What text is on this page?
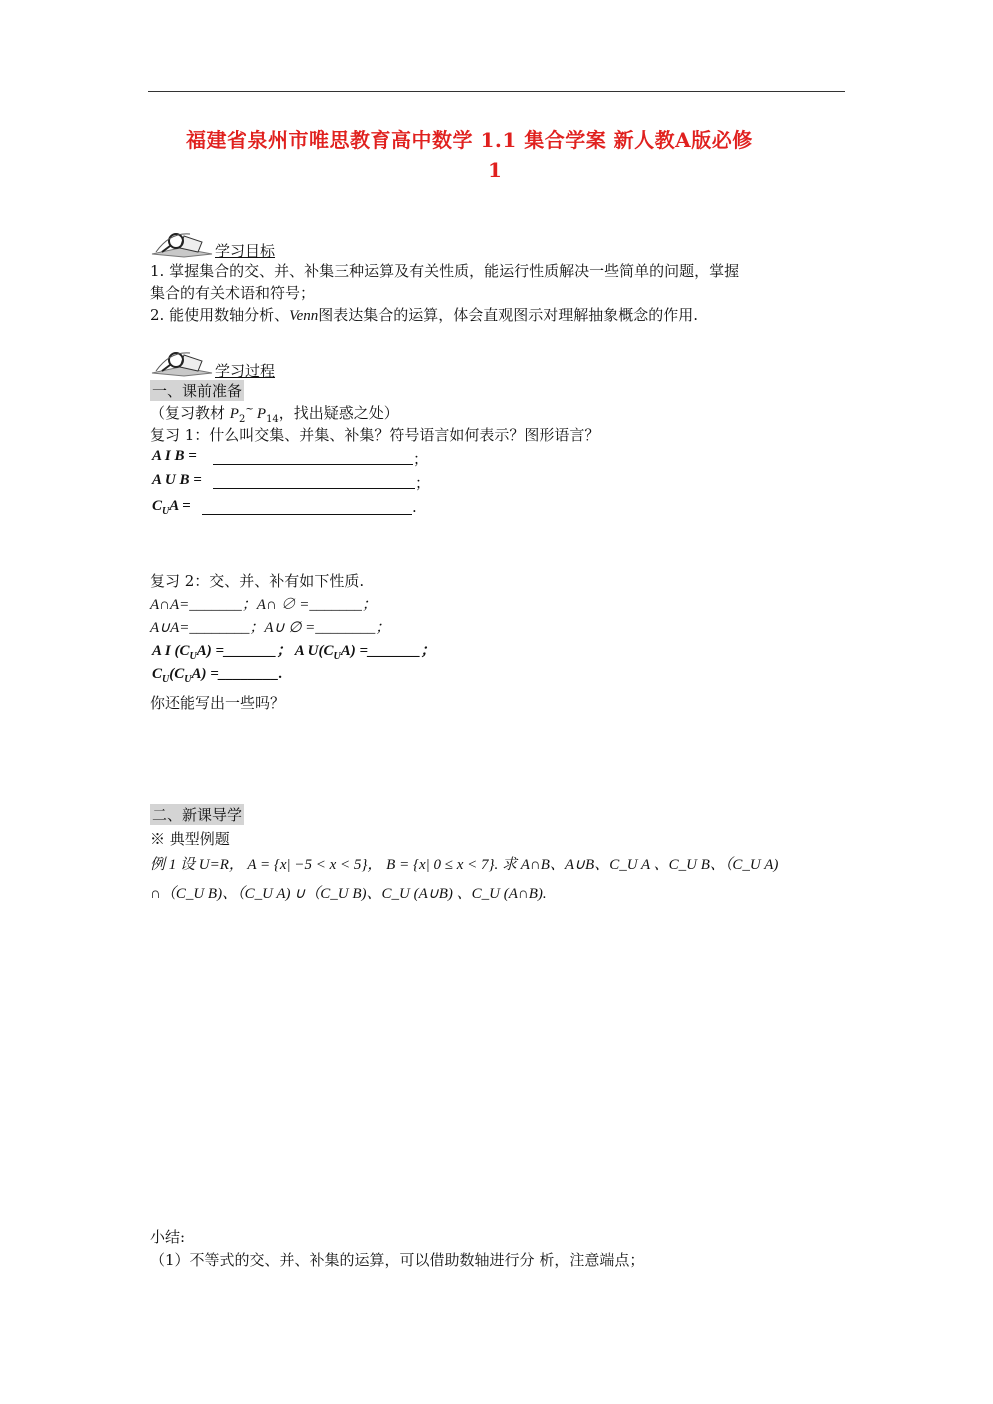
福建省泉州市唯思教育高中数学 1.1 集合学案 新人教A版必修
1
学习目标
1. 掌握集合的交、并、补集三种运算及有关性质，能运行性质解决一些简单的问题，掌握
集合的有关术语和符号；
2. 能使用数轴分析、Venn图表达集合的运算，体会直观图示对理解抽象概念的作用.
学习过程
一、课前准备
（复习教材 $P_2^\sim$ $P_{14}$，找出疑惑之处）
复习 1：什么叫交集、并集、补集？符号语言如何表示？图形语言？
A I B =	；
A U B =	；
$C_UA$ =	.
复习 2：交、并、补有如下性质.
A∩A=_______；A∩ ∅ =_______；
A∪A=________；A∪ ∅ =________；
A I $(C_UA)$ =_______； A $U(C_UA)$ =_______；
$C_U(C_UA)$ =________.
你还能写出一些吗？
二、新课导学
※ 典型例题
例 1 设 U=R， A = {x| −5 < x < 5}， B = {x| 0 ≤ x < 7}. 求 A∩B、A∪B、C_U A 、C_U B、（C_U A)
∩（C_U B)、（C_U A) ∪（C_U B)、C_U (A∪B) 、C_U (A∩B).
小结:
（1）不等式的交、并、补集的运算，可以借助数轴进行分 析，注意端点；
